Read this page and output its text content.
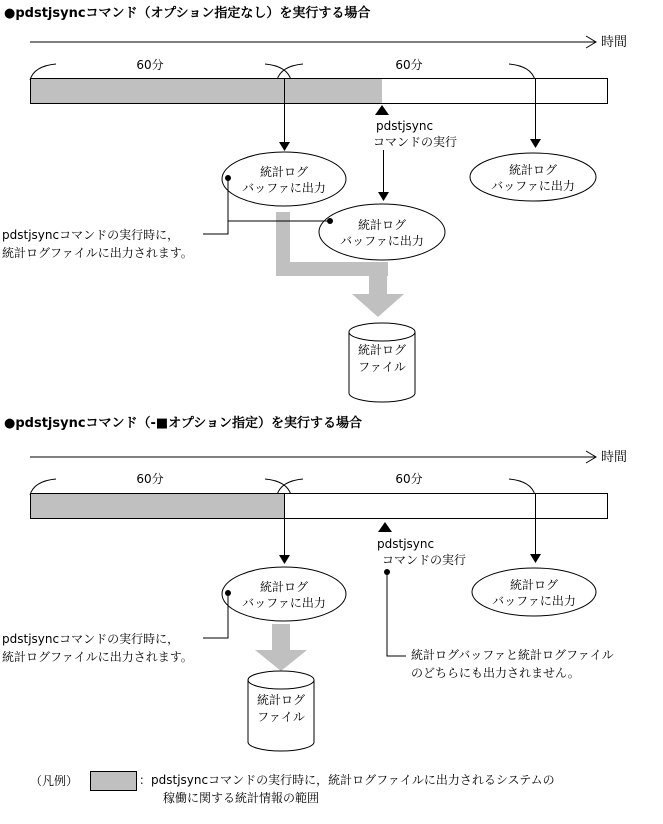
●pdstjsyncコマンド（オプション指定なし）を実行する場合
時間
60分	60分
pdstjsync
コマンドの実行
統計ログ
バッファに出力
統計ログ
バッファに出力
統計ログ
バッファに出力
pdstjsyncコマンドの実行時に，
統計ログファイルに出力されます。
統計ログ
ファイル
●pdstjsyncコマンド（-■オプション指定）を実行する場合
時間
60分	60分
pdstjsync
コマンドの実行
統計ログ
バッファに出力
統計ログ
バッファに出力
pdstjsyncコマンドの実行時に，
統計ログファイルに出力されます。	統計ログバッファと統計ログファイル
のどちらにも出力されません。
統計ログ
ファイル
（凡例）	：pdstjsyncコマンドの実行時に，統計ログファイルに出力されるシステムの
稼働に関する統計情報の範囲
